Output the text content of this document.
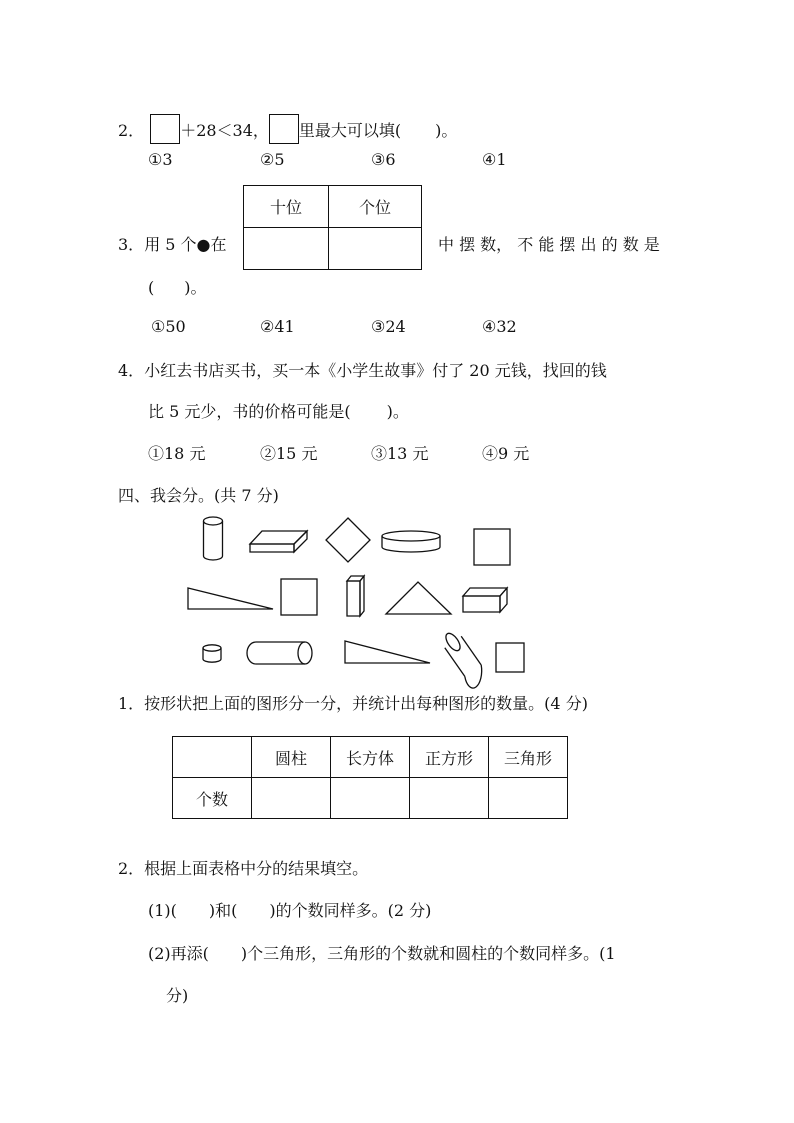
2． ＋28＜34， 里最大可以填( )。
①3	②5	③6	④1
3．用 5 个●在
十位	个位

中 摆 数， 不 能 摆 出 的 数 是
( )。
①50	②41	③24	④32
4．小红去书店买书，买一本《小学生故事》付了 20 元钱，找回的钱
比 5 元少，书的价格可能是( )。
①18 元	②15 元	③13 元	④9 元
四、我会分。(共 7 分)
1．按形状把上面的图形分一分，并统计出每种图形的数量。(4 分)
	圆柱	长方体	正方形	三角形
个数				
2．根据上面表格中分的结果填空。
(1)( )和( )的个数同样多。(2 分)
(2)再添( )个三角形，三角形的个数就和圆柱的个数同样多。(1
分)
